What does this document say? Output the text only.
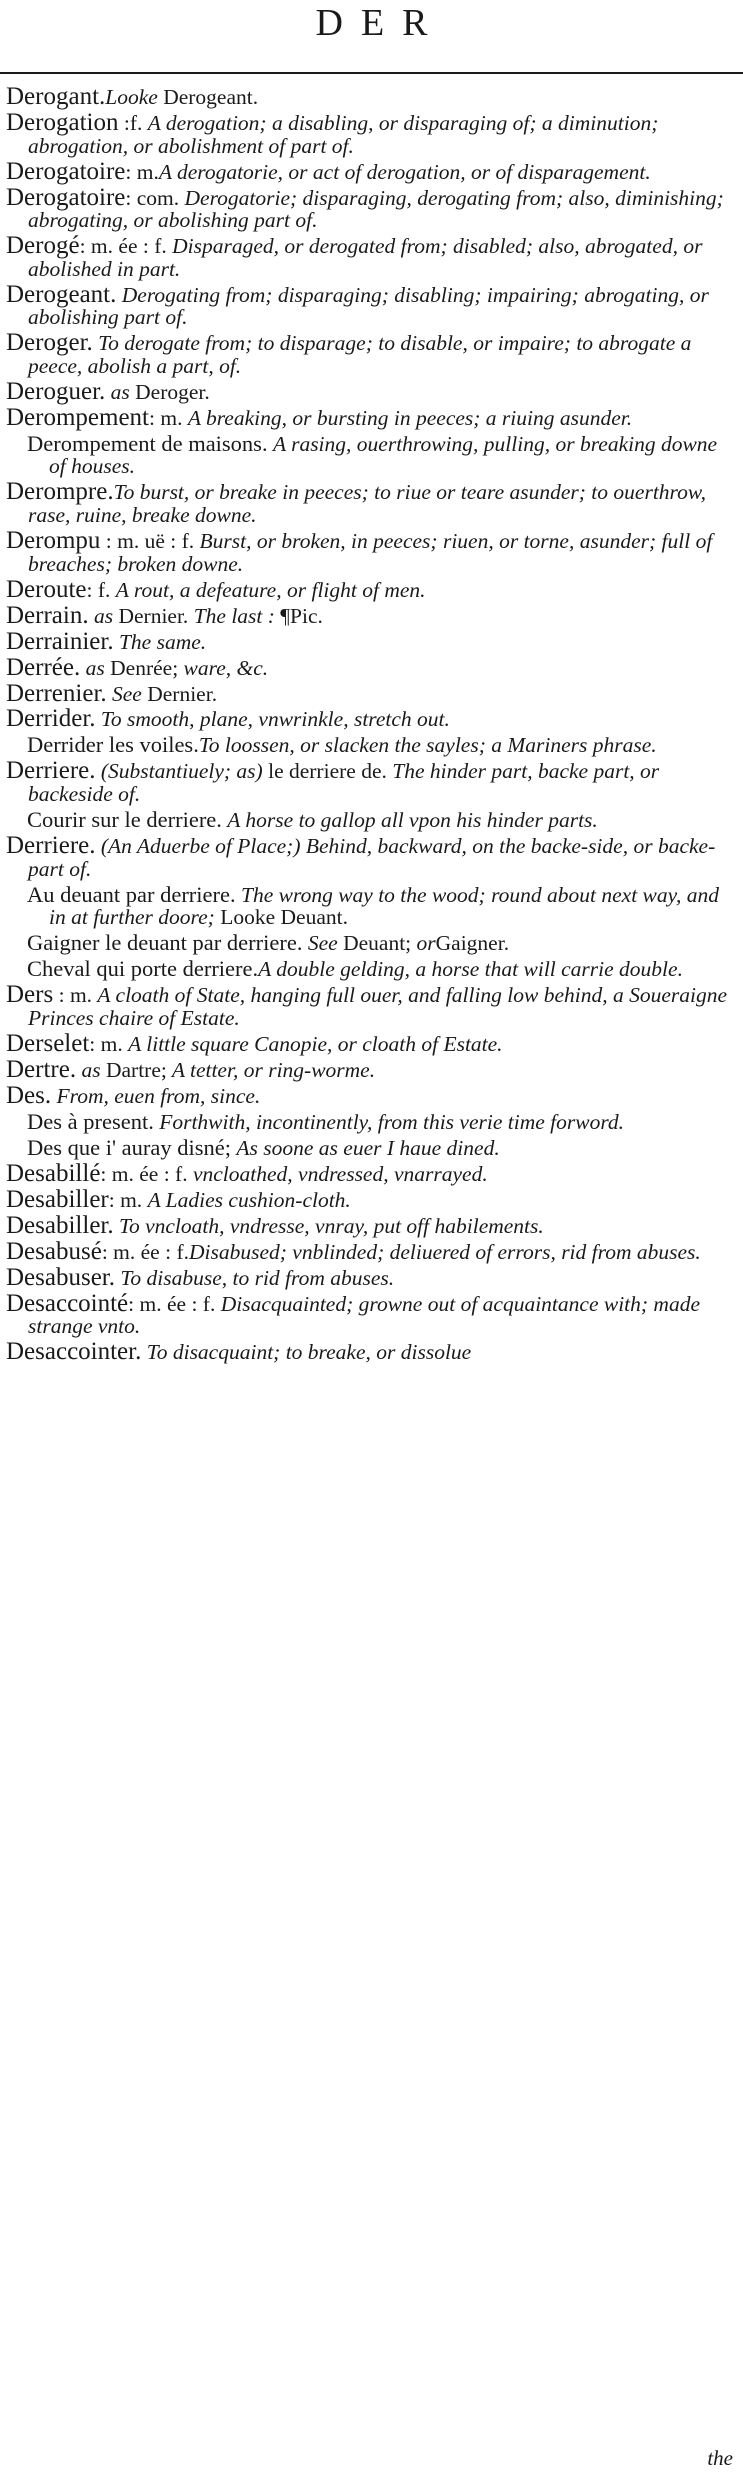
DER
Derogant.Looke Derogeant.
Derogation :f. A derogation; a disabling, or disparaging of; a diminution; abrogation, or abolishment of part of.
Derogatoire: m.A derogatorie, or act of derogation, or of disparagement.
Derogatoire: com. Derogatorie; disparaging, derogating from; also, diminishing; abrogating, or abolishing part of.
Derogé: m. ée : f. Disparaged, or derogated from; disabled; also, abrogated, or abolished in part.
Derogeant. Derogating from; disparaging; disabling; impairing; abrogating, or abolishing part of.
Deroger. To derogate from; to disparage; to disable, or impaire; to abrogate a peece, abolish a part, of.
Deroguer. as Deroger.
Derompement: m. A breaking, or bursting in peeces; a riuing asunder.
Derompement de maisons. A rasing, ouerthrowing, pulling, or breaking downe of houses.
Derompre.To burst, or breake in peeces; to riue or teare asunder; to ouerthrow, rase, ruine, breake downe.
Derompu : m. uë : f. Burst, or broken, in peeces; riuen, or torne, asunder; full of breaches; broken downe.
Deroute: f. A rout, a defeature, or flight of men.
Derrain. as Dernier. The last : ¶Pic.
Derrainier. The same.
Derrée. as Denrée; ware, &c.
Derrenier. See Dernier.
Derrider. To smooth, plane, vnwrinkle, stretch out.
Derrider les voiles.To loossen, or slacken the sayles; a Mariners phrase.
Derriere. (Substantiuely; as) le derriere de. The hinder part, backe part, or backeside of.
Courir sur le derriere. A horse to gallop all vpon his hinder parts.
Derriere. (An Aduerbe of Place;) Behind, backward, on the backe-side, or backe-part of.
Au deuant par derriere. The wrong way to the wood; round about next way, and in at further doore; Looke Deuant.
Gaigner le deuant par derriere. See Deuant; orGaigner.
Cheval qui porte derriere.A double gelding, a horse that will carrie double.
Ders : m. A cloath of State, hanging full ouer, and falling low behind, a Soueraigne Princes chaire of Estate.
Derselet: m. A little square Canopie, or cloath of Estate.
Dertre. as Dartre; A tetter, or ring-worme.
Des. From, euen from, since.
Des à present. Forthwith, incontinently, from this verie time forword.
Des que i' auray disné; As soone as euer I haue dined.
Desabillé: m. ée : f. vncloathed, vndressed, vnarrayed.
Desabiller: m. A Ladies cushion-cloth.
Desabiller. To vncloath, vndresse, vnray, put off habilements.
Desabusé: m. ée : f.Disabused; vnblinded; deliuered of errors, rid from abuses.
Desabuser. To disabuse, to rid from abuses.
Desaccointé: m. ée : f. Disacquainted; growne out of acquaintance with; made strange vnto.
Desaccointer. To disacquaint; to breake, or dissolue
the
